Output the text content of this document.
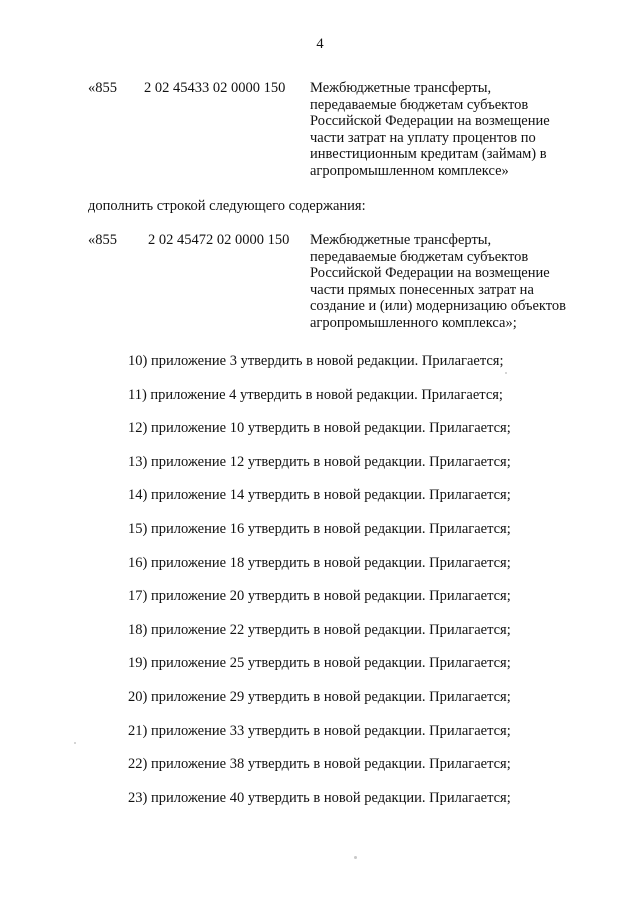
4
«855 2 02 45433 02 0000 150 Межбюджетные трансферты,
передаваемые бюджетам субъектов
Российской Федерации на возмещение
части затрат на уплату процентов по
инвестиционным кредитам (займам) в
агропромышленном комплексе»
дополнить строкой следующего содержания:
«855 2 02 45472 02 0000 150 Межбюджетные трансферты,
передаваемые бюджетам субъектов
Российской Федерации на возмещение
части прямых понесенных затрат на
создание и (или) модернизацию объектов
агропромышленного комплекса»;
10) приложение 3 утвердить в новой редакции. Прилагается;
11) приложение 4 утвердить в новой редакции. Прилагается;
12) приложение 10 утвердить в новой редакции. Прилагается;
13) приложение 12 утвердить в новой редакции. Прилагается;
14) приложение 14 утвердить в новой редакции. Прилагается;
15) приложение 16 утвердить в новой редакции. Прилагается;
16) приложение 18 утвердить в новой редакции. Прилагается;
17) приложение 20 утвердить в новой редакции. Прилагается;
18) приложение 22 утвердить в новой редакции. Прилагается;
19) приложение 25 утвердить в новой редакции. Прилагается;
20) приложение 29 утвердить в новой редакции. Прилагается;
21) приложение 33 утвердить в новой редакции. Прилагается;
22) приложение 38 утвердить в новой редакции. Прилагается;
23) приложение 40 утвердить в новой редакции. Прилагается;
